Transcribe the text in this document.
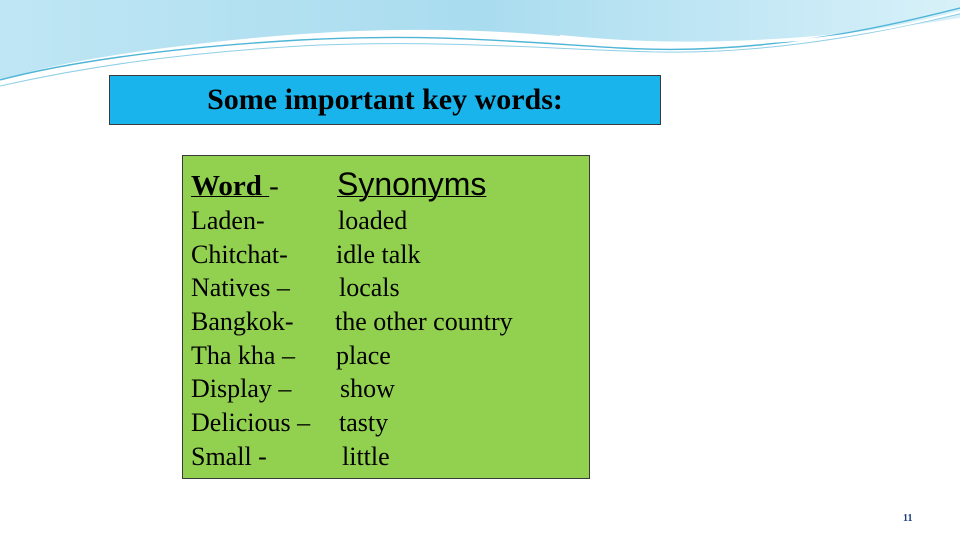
Some important key words:
Word - Synonyms
Laden-	loaded
Chitchat- idle talk
Natives – locals
Bangkok- the other country
Tha kha – place
Display – show
Delicious – tasty
Small -	little
11
